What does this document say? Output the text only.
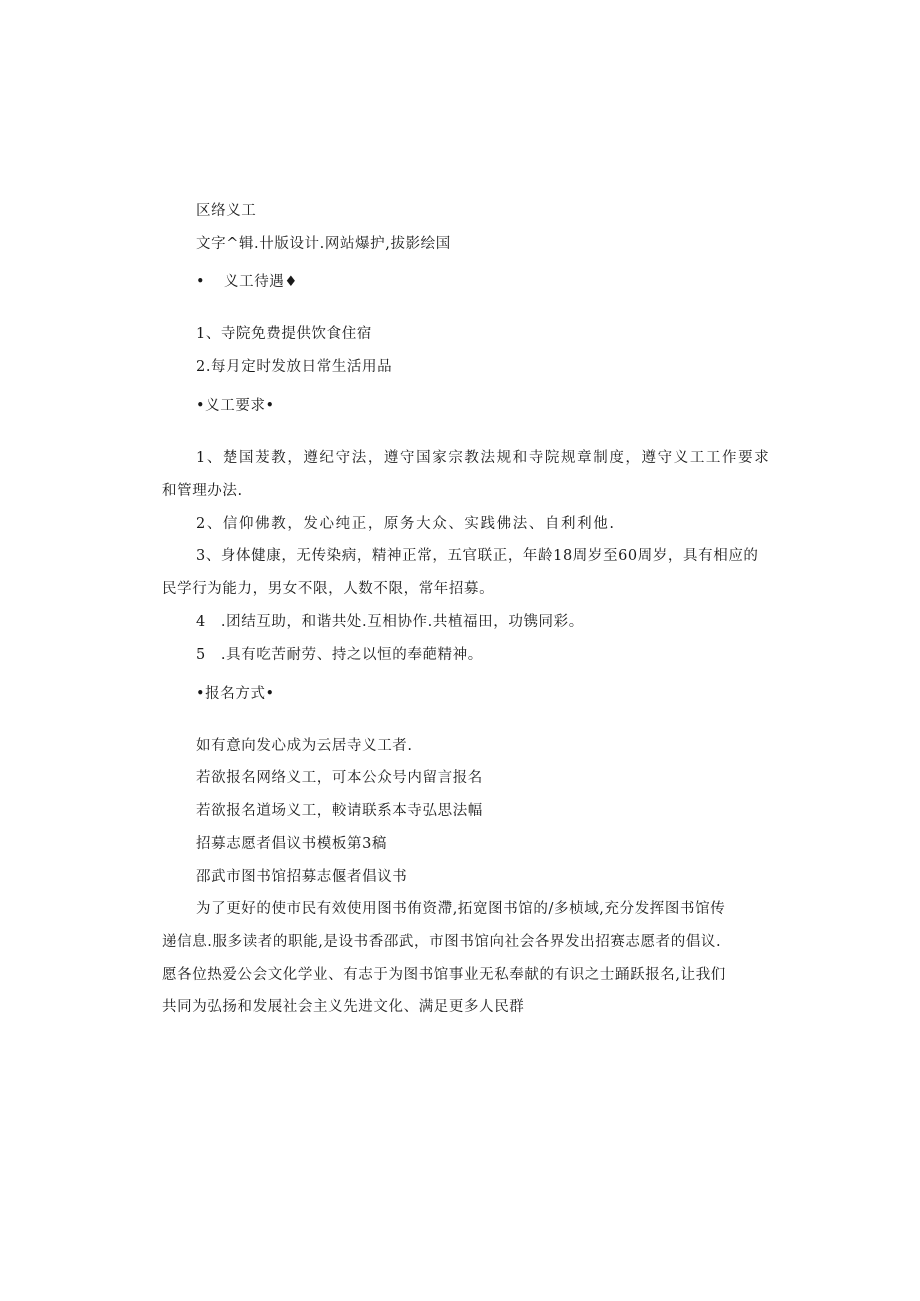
区络义工
文字^辑.卄版设计.网站爆护,拔影绘国
• 义工待遇♦
1、寺院免费提供饮食住宿
2.每月定时发放日常生活用品
•义工要求•
1、楚国茇教，遵纪守法，遵守国家宗教法规和寺院规章制度，遵守义工工作要求
和管理办法.
2、信仰佛教，发心纯正，原务大众、实践佛法、自利利他.
3、身体健康，无传染病，精神正常，五官联正，年龄18周岁至60周岁，具有相应的
民学行为能力，男女不限，人数不限，常年招募。
4　.团结互助，和谐共处.互相协作.共植福田，功镌同彩。
5　.具有吃苦耐劳、持之以恒的奉葩精神。
•报名方式•
如有意向发心成为云居寺义工者.
若欲报名网络义工，可本公众号内留言报名
若欲报名道场义工，較请联系本寺弘思法幅
招募志愿者倡议书模板第3稿
邵武市图书馆招募志偃者倡议书
为了更好的使市民有效使用图书侑资滯,拓宽图书馆的/多桢域,充分发挥图书馆传
递信息.服多读者的职能,是设书香邵武，市图书馆向社会各界发出招赛志愿者的倡议.
愿各位热爱公会文化学业、有志于为图书馆事业无私奉献的有识之士踊跃报名,让我们
共同为弘扬和发展社会主义先进文化、满足更多人民群
